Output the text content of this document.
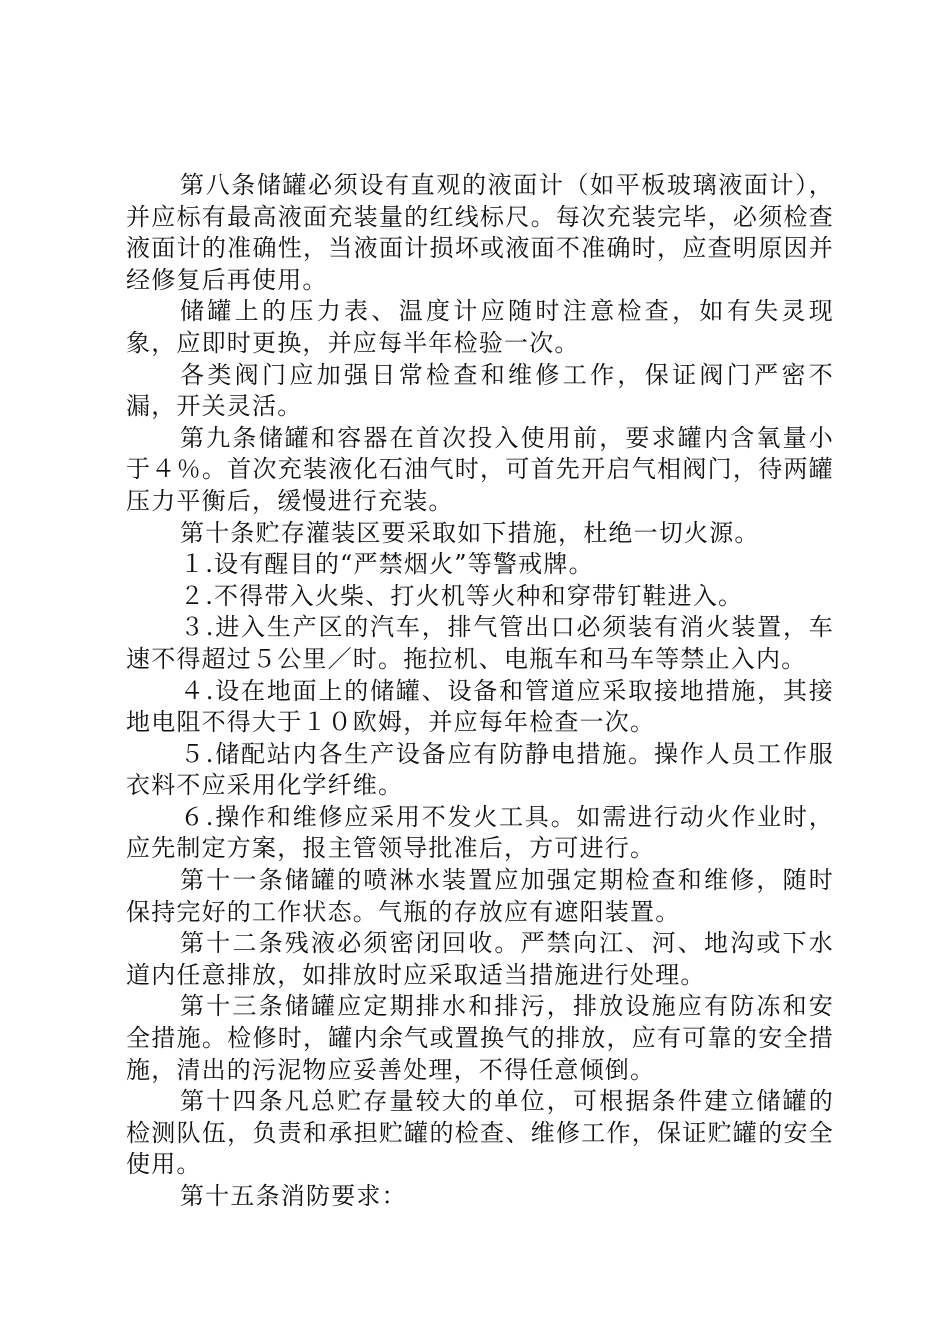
第八条储罐必须设有直观的液面计（如平板玻璃液面计），并应标有最高液面充装量的红线标尺。每次充装完毕，必须检查液面计的准确性，当液面计损坏或液面不准确时，应查明原因并经修复后再使用。

储罐上的压力表、温度计应随时注意检查，如有失灵现象，应即时更换，并应每半年检验一次。

各类阀门应加强日常检查和维修工作，保证阀门严密不漏，开关灵活。

第九条储罐和容器在首次投入使用前，要求罐内含氧量小于４％。首次充装液化石油气时，可首先开启气相阀门，待两罐压力平衡后，缓慢进行充装。

第十条贮存灌装区要采取如下措施，杜绝一切火源。

１.设有醒目的“严禁烟火”等警戒牌。

２.不得带入火柴、打火机等火种和穿带钉鞋进入。

３.进入生产区的汽车，排气管出口必须装有消火装置，车速不得超过５公里／时。拖拉机、电瓶车和马车等禁止入内。

４.设在地面上的储罐、设备和管道应采取接地措施，其接地电阻不得大于１０欧姆，并应每年检查一次。

５.储配站内各生产设备应有防静电措施。操作人员工作服衣料不应采用化学纤维。

６.操作和维修应采用不发火工具。如需进行动火作业时，应先制定方案，报主管领导批准后，方可进行。

第十一条储罐的喷淋水装置应加强定期检查和维修，随时保持完好的工作状态。气瓶的存放应有遮阳装置。

第十二条残液必须密闭回收。严禁向江、河、地沟或下水道内任意排放，如排放时应采取适当措施进行处理。

第十三条储罐应定期排水和排污，排放设施应有防冻和安全措施。检修时，罐内余气或置换气的排放，应有可靠的安全措施，清出的污泥物应妥善处理，不得任意倾倒。

第十四条凡总贮存量较大的单位，可根据条件建立储罐的检测队伍，负责和承担贮罐的检查、维修工作，保证贮罐的安全使用。

第十五条消防要求：
